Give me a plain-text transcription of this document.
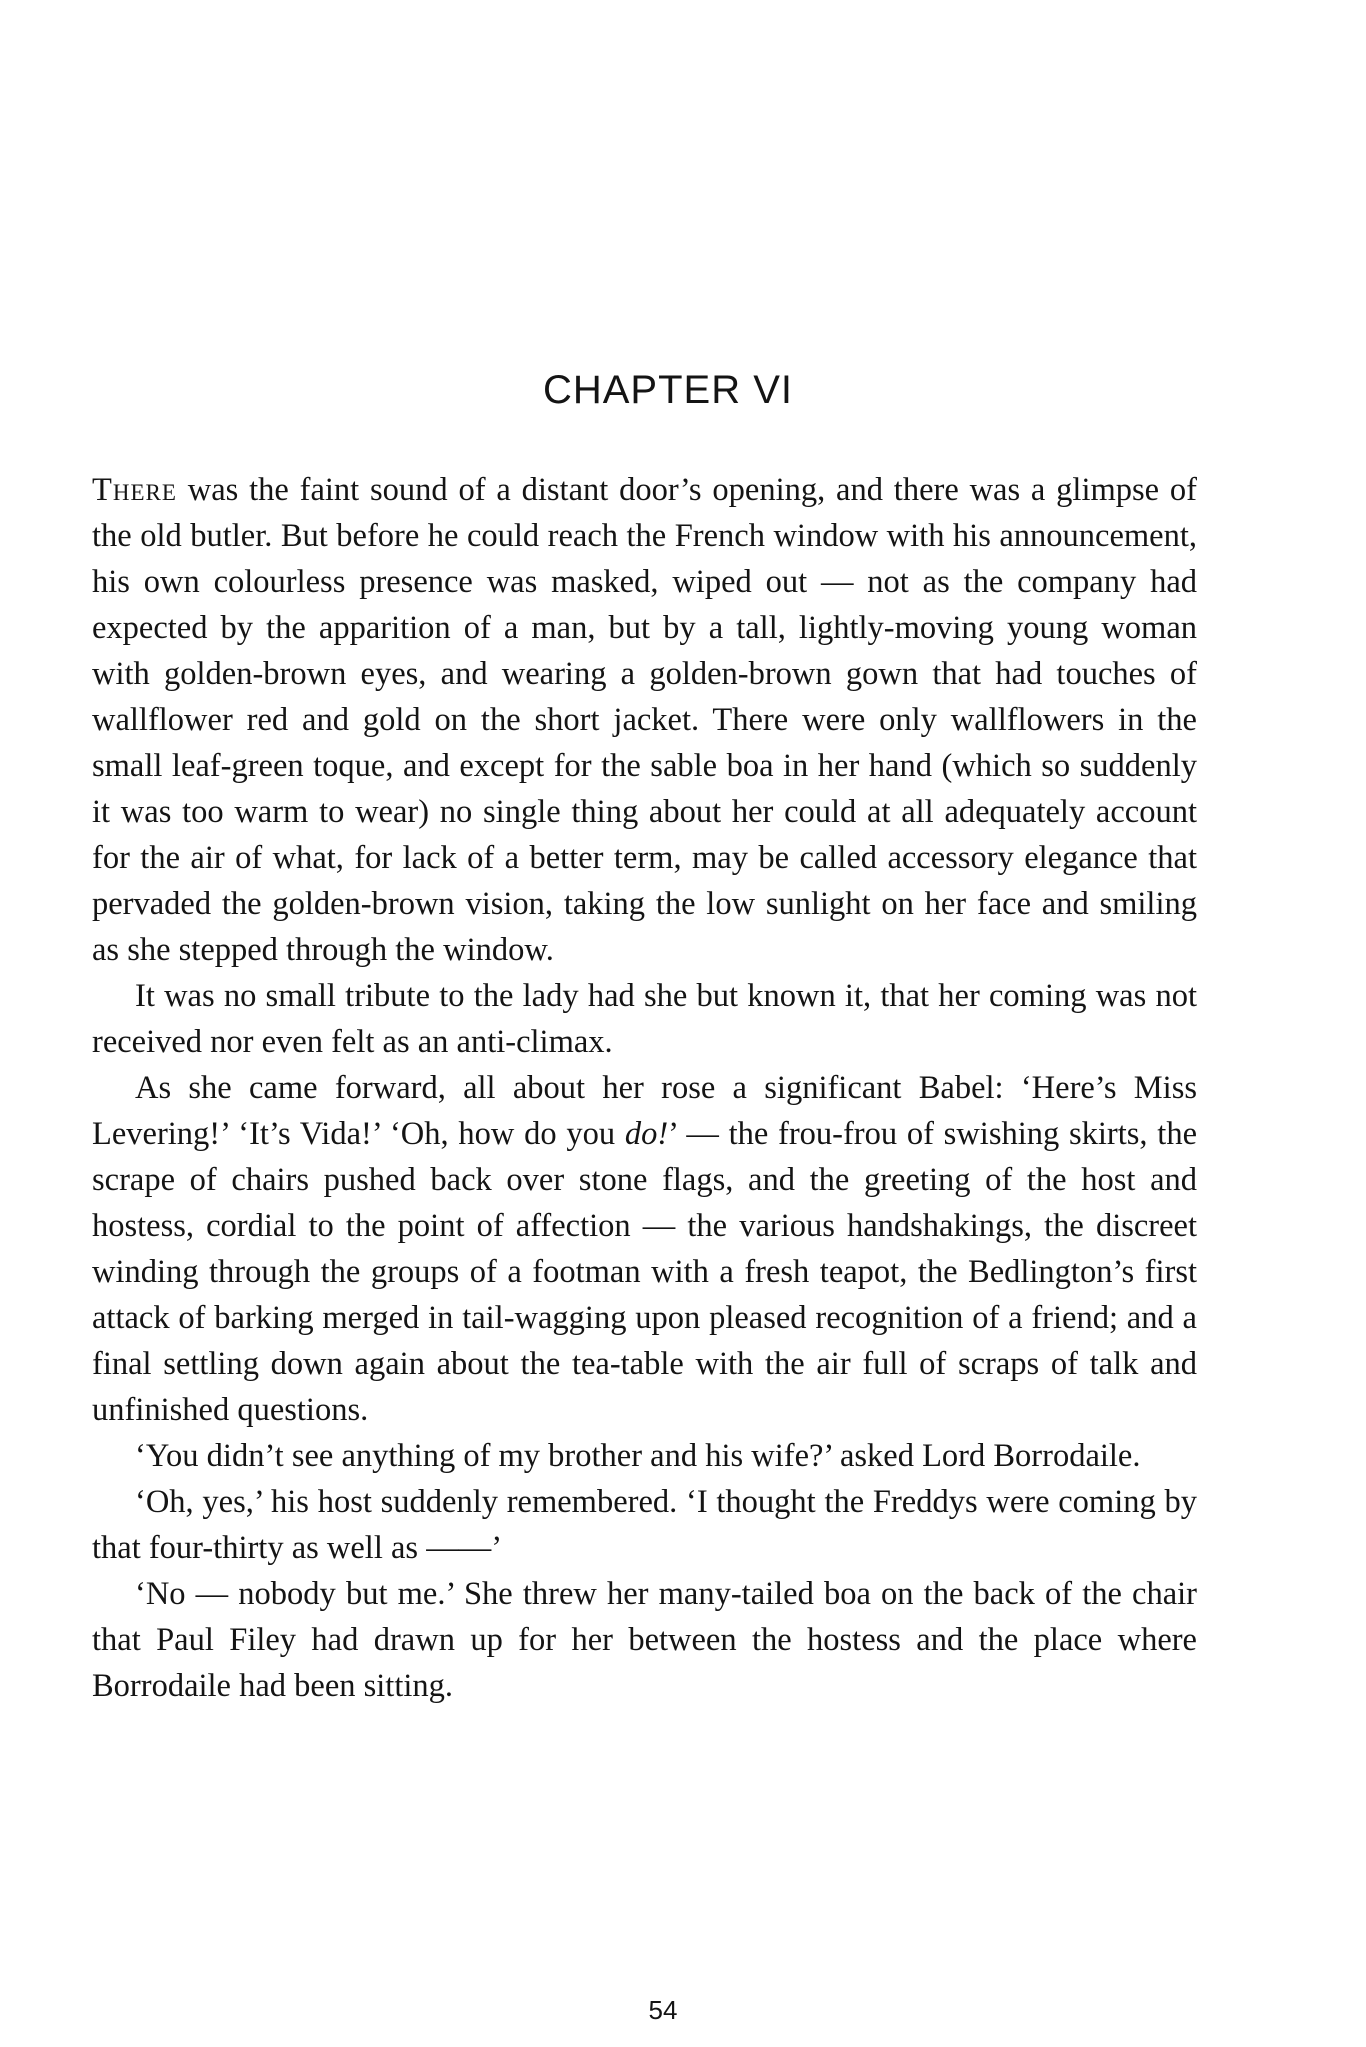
CHAPTER VI

There was the faint sound of a distant door’s opening, and there was a glimpse of the old butler. But before he could reach the French window with his announcement, his own colourless presence was masked, wiped out — not as the company had expected by the apparition of a man, but by a tall, lightly-moving young woman with golden-brown eyes, and wearing a golden-brown gown that had touches of wallflower red and gold on the short jacket. There were only wallflowers in the small leaf-green toque, and except for the sable boa in her hand (which so suddenly it was too warm to wear) no single thing about her could at all adequately account for the air of what, for lack of a better term, may be called accessory elegance that pervaded the golden-brown vision, taking the low sunlight on her face and smiling as she stepped through the window.

It was no small tribute to the lady had she but known it, that her coming was not received nor even felt as an anti-climax.

As she came forward, all about her rose a significant Babel: ‘Here’s Miss Levering!’ ‘It’s Vida!’ ‘Oh, how do you do!’ — the frou-frou of swishing skirts, the scrape of chairs pushed back over stone flags, and the greeting of the host and hostess, cordial to the point of affection — the various handshakings, the discreet winding through the groups of a footman with a fresh teapot, the Bedlington’s first attack of barking merged in tail-wagging upon pleased recognition of a friend; and a final settling down again about the tea-table with the air full of scraps of talk and unfinished questions.

‘You didn’t see anything of my brother and his wife?’ asked Lord Borrodaile.

‘Oh, yes,’ his host suddenly remembered. ‘I thought the Freddys were coming by that four-thirty as well as ——’

‘No — nobody but me.’ She threw her many-tailed boa on the back of the chair that Paul Filey had drawn up for her between the hostess and the place where Borrodaile had been sitting.

54
